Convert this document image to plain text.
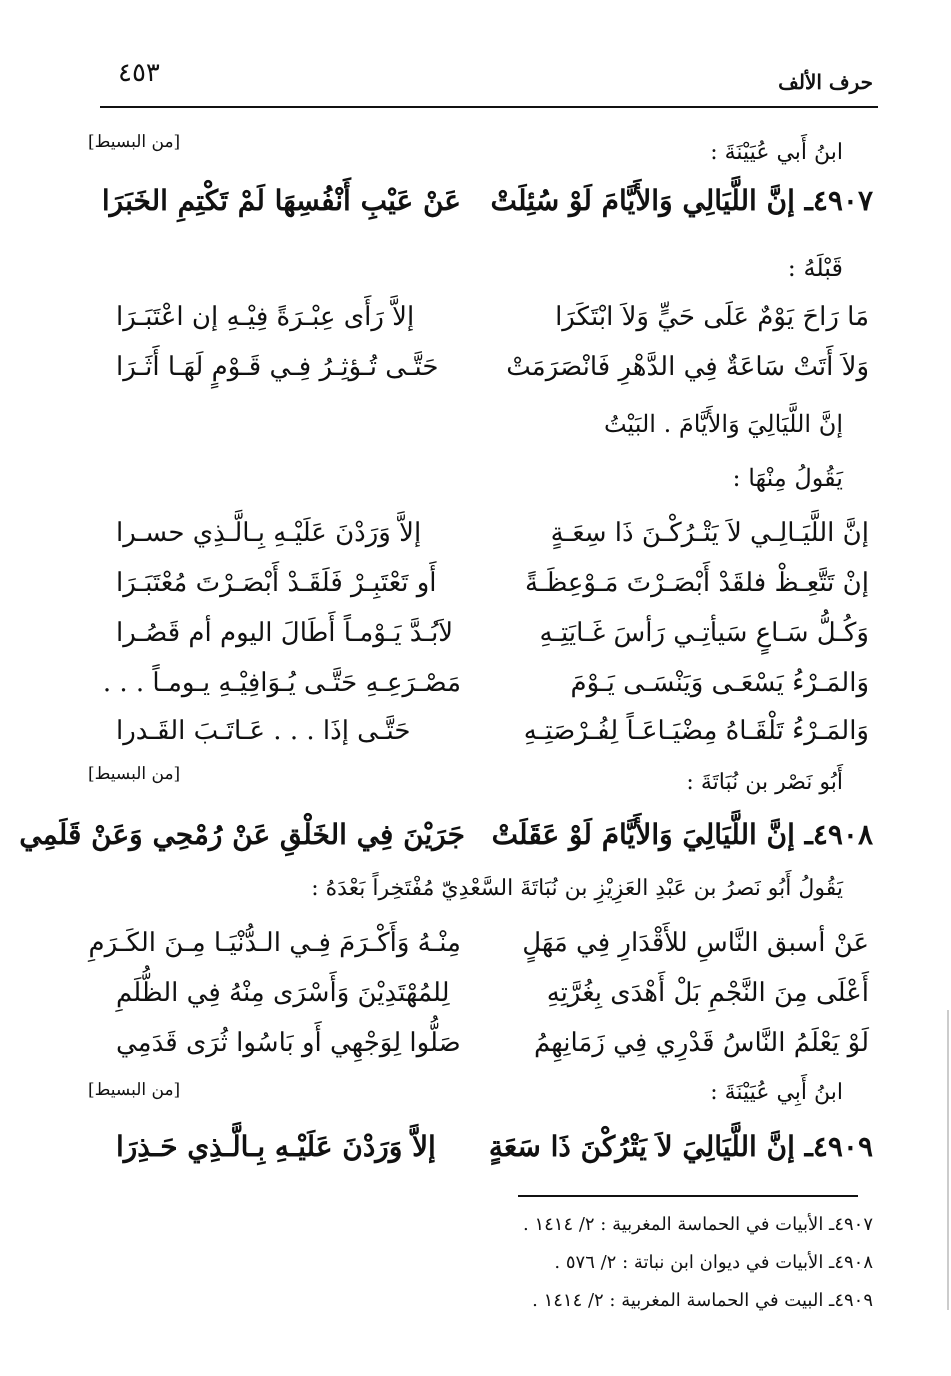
حرف الألف
٤٥٣
ابنُ أَبي عُيَيْنَةَ :
[من البسيط]
٤٩٠٧ـ إنَّ اللَّيَالِي وَالأَيَّامَ لَوْ سُئِلَتْ
عَنْ عَيْبِ أَنْفُسِهَا لَمْ تَكْتِمِ الخَبَرَا
قَبْلَهُ :
مَا رَاحَ يَوْمٌ عَلَى حَيٍّ وَلاَ ابْتَكَرَا
إلاَّ رَأَى عِبْـرَةً فِيْـهِ إن اعْتَبَـرَا
وَلاَ أَتَتْ سَاعَةٌ فِي الدَّهْرِ فَانْصَرَمَتْ
حَتَّـى تُـؤثِـرُ فِـي قَـوْمٍ لَهَـا أَثَـرَا
إنَّ اللَّيَالِيَ وَالأَيَّامَ . البَيْتُ
يَقُولُ مِنْهَا :
إنَّ اللَّيَـالِـي لاَ يَتْـرُكْـنَ ذَا سِعَـةٍ
إلاَّ وَرَدْنَ عَلَيْـهِ بِـالَّـذِي حسـرا
إنْ تَتَّعِـظْ فلقَدْ أَبْصَـرْتَ مَـوْعِظَـةً
أَو تَعْتَبِـرْ فَلَقَـدْ أَبْصَـرْتَ مُعْتَبَـرَا
وَكُـلُّ سَـاعٍ سَيأتِـي رَأسَ غَـايَتِـهِ
لاَبُـدَّ يَـوْمـاً أَطَالَ اليوم أم قَصُـرا
وَالمَـرْءُ يَسْعَـى وَيَنْسَـى يَـوْمَ
مَصْـرَعِـهِ حَتَّـى يُـوَافِيْـهِ يـومـاً . . .
وَالمَـرْءُ تَلْقَـاهُ مِضْيَـاعَـاً لِفُـرْصَتِـهِ
حَتَّـى إذَا . . . عَـاتَـبَ القَـدرا
أَبُو نَصْر بن نُبَاتَةَ :
[من البسيط]
٤٩٠٨ـ إنَّ اللَّيَالِيَ وَالأَيَّامَ لَوْ عَقَلَتْ
جَرَيْنَ فِي الخَلْقِ عَنْ رُمْحِي وَعَنْ قَلَمِي
يَقُولُ أَبُو نَصرُ بن عَبْدِ العَزِيْزِ بن نُبَاتَةَ السَّعْدِيّ مُفْتَخِراً بَعْدَهُ :
عَنْ أسبق النَّاسِ للأَقْدَارِ فِي مَهَلٍ
مِنْـهُ وَأَكْـرَمَ فِـي الـدُّنْيَـا مِـنَ الكَـرَمِ
أَعْلَى مِنَ النَّجْمِ بَلْ أَهْدَى بِغُرَّتِهِ
لِلمُهْتَدِيْنَ وَأَسْرَى مِنْهُ فِي الظُّلَمِ
لَوْ يَعْلَمُ النَّاسُ قَدْرِي فِي زَمَانِهِمُ
صَلُّوا لِوَجْهِي أَو بَاسُوا ثُرَى قَدَمِي
ابنُ أَبِي عُيَيْنَةَ :
[من البسيط]
٤٩٠٩ـ إنَّ اللَّيَالِيَ لاَ يَتْرُكْنَ ذَا سَعَةٍ
إلاَّ وَرَدْنَ عَلَيْـهِ بِـالَّـذِي حَـذِرَا
٤٩٠٧ـ الأبيات في الحماسة المغربية : ٢/ ١٤١٤ .
٤٩٠٨ـ الأبيات في ديوان ابن نباتة : ٢/ ٥٧٦ .
٤٩٠٩ـ البيت في الحماسة المغربية : ٢/ ١٤١٤ .
